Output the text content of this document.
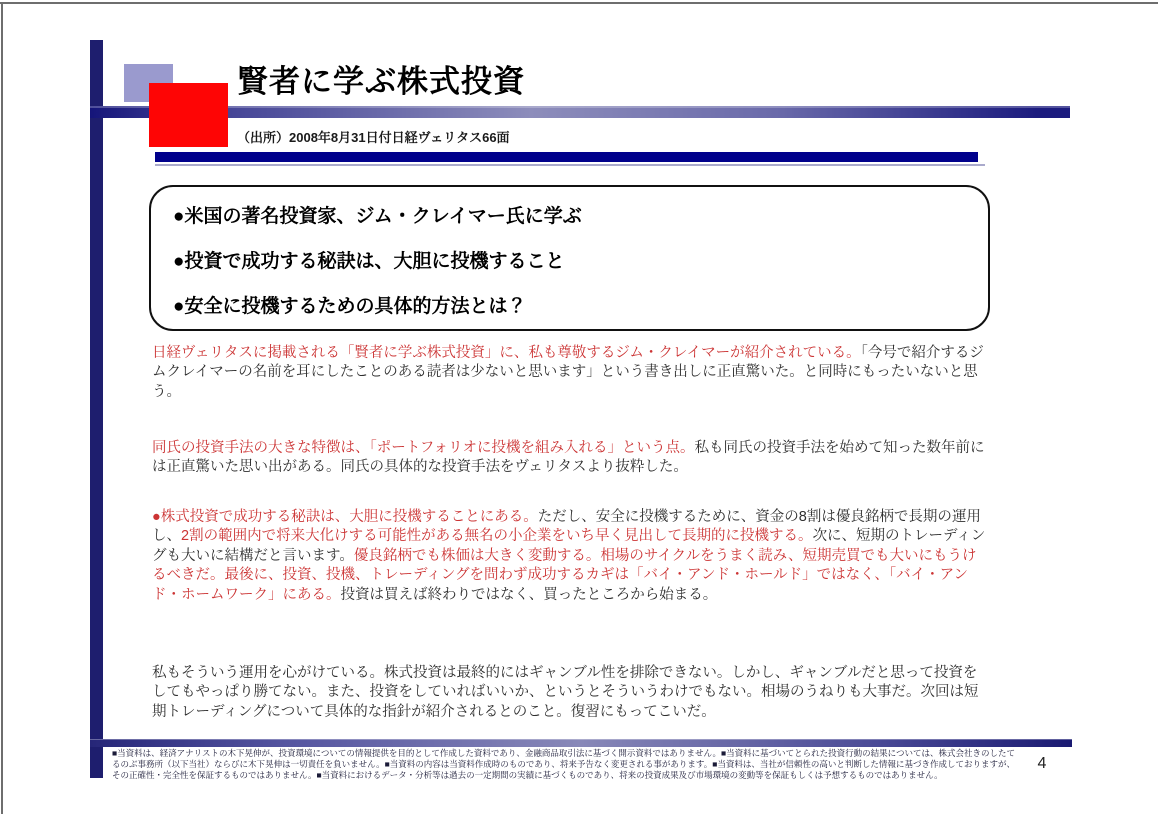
賢者に学ぶ株式投資
（出所）2008年8月31日付日経ヴェリタス66面
●米国の著名投資家、ジム・クレイマー氏に学ぶ
●投資で成功する秘訣は、大胆に投機すること
●安全に投機するための具体的方法とは？

日経ヴェリタスに掲載される「賢者に学ぶ株式投資」に、私も尊敬するジム・クレイマーが紹介されている。「今号で紹介するジムクレイマーの名前を耳にしたことのある読者は少ないと思います」という書き出しに正直驚いた。と同時にもったいないと思う。

同氏の投資手法の大きな特徴は、「ポートフォリオに投機を組み入れる」という点。私も同氏の投資手法を始めて知った数年前には正直驚いた思い出がある。同氏の具体的な投資手法をヴェリタスより抜粋した。

●株式投資で成功する秘訣は、大胆に投機することにある。ただし、安全に投機するために、資金の8割は優良銘柄で長期の運用し、2割の範囲内で将来大化けする可能性がある無名の小企業をいち早く見出して長期的に投機する。次に、短期のトレーディングも大いに結構だと言います。優良銘柄でも株価は大きく変動する。相場のサイクルをうまく読み、短期売買でも大いにもうけるべきだ。最後に、投資、投機、トレーディングを問わず成功するカギは「バイ・アンド・ホールド」ではなく、「バイ・アンド・ホームワーク」にある。投資は買えば終わりではなく、買ったところから始まる。

私もそういう運用を心がけている。株式投資は最終的にはギャンブル性を排除できない。しかし、ギャンブルだと思って投資をしてもやっぱり勝てない。また、投資をしていればいいか、というとそういうわけでもない。相場のうねりも大事だ。次回は短期トレーディングについて具体的な指針が紹介されるとのこと。復習にもってこいだ。

■当資料は、経済アナリストの木下晃伸が、投資環境についての情報提供を目的として作成した資料であり、金融商品取引法に基づく開示資料ではありません。■当資料に基づいてとられた投資行動の結果については、株式会社きのしたてるのぶ事務所（以下当社）ならびに木下晃伸は一切責任を負いません。■当資料の内容は当資料作成時のものであり、将来予告なく変更される事があります。■当資料は、当社が信頼性の高いと判断した情報に基づき作成しておりますが、その正確性・完全性を保証するものではありません。■当資料におけるデータ・分析等は過去の一定期間の実績に基づくものであり、将来の投資成果及び市場環境の変動等を保証もしくは予想するものではありません。
4
